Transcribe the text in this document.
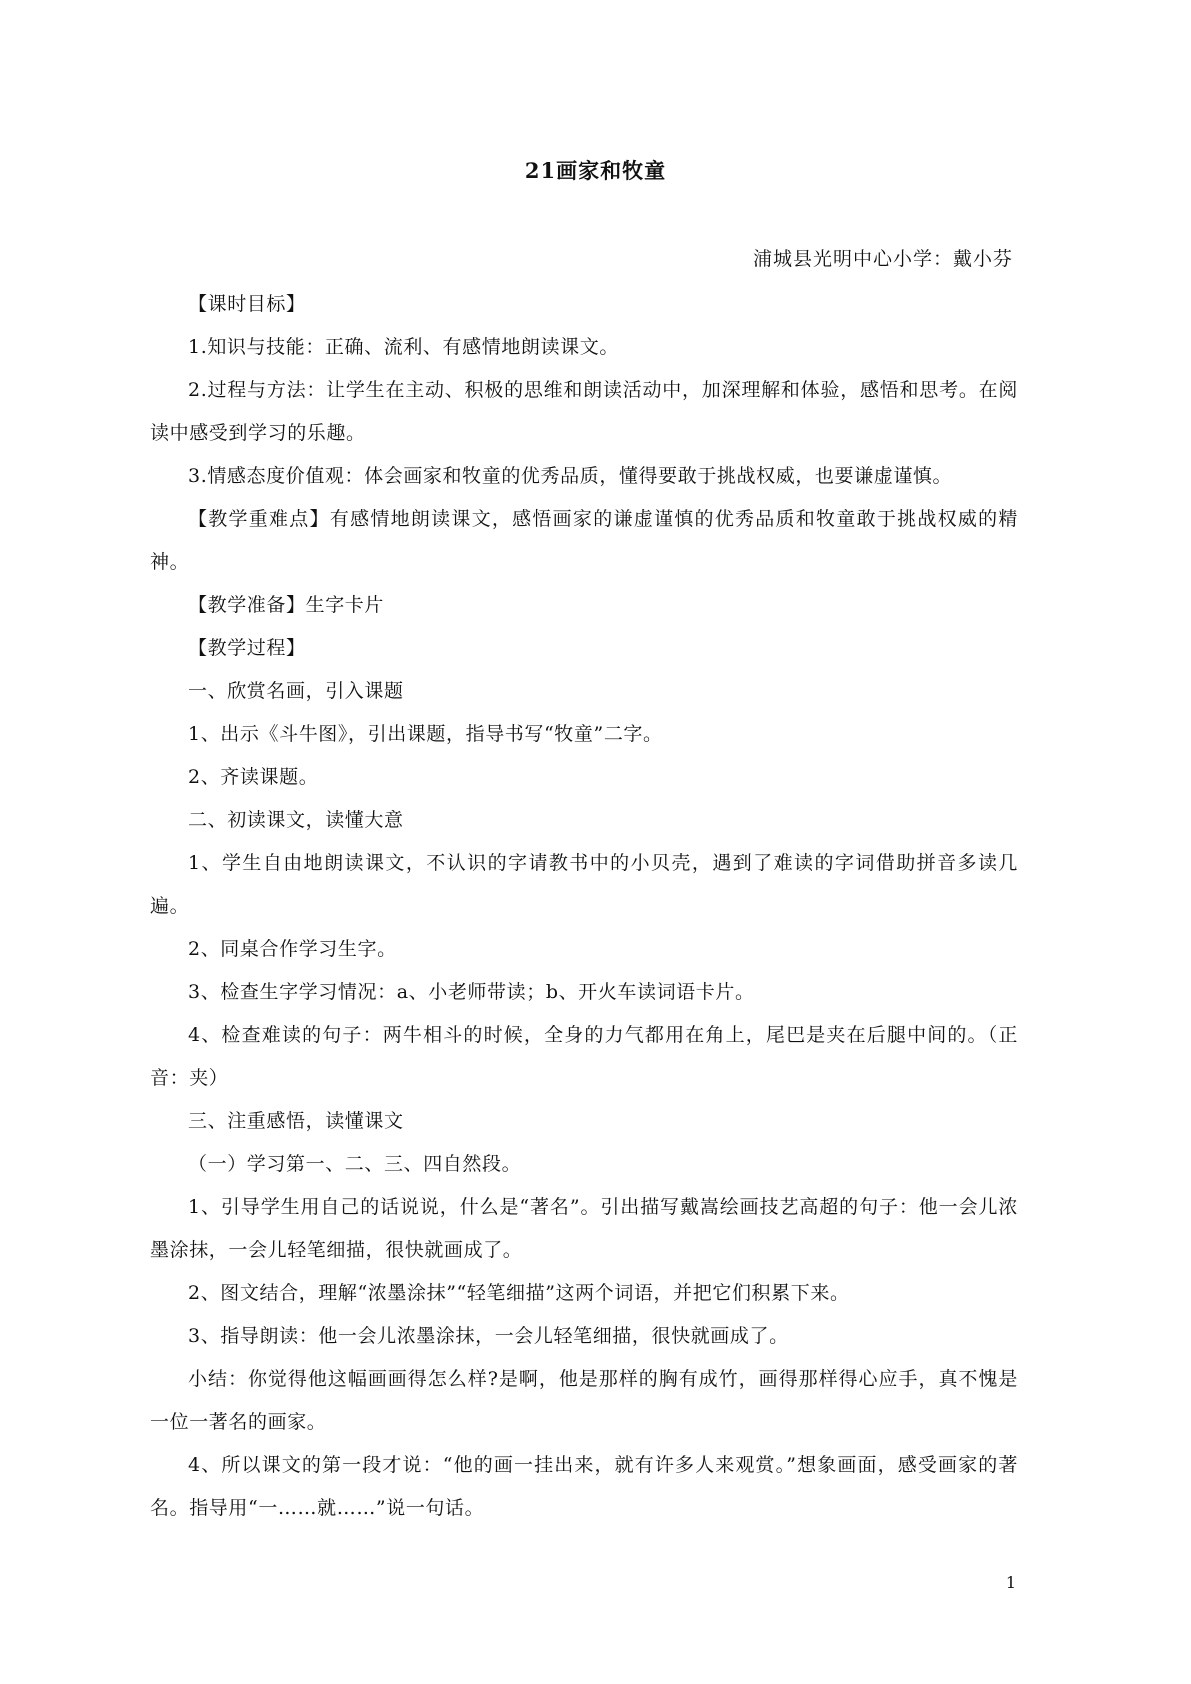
21画家和牧童
浦城县光明中心小学：戴小芬

【课时目标】

1.知识与技能：正确、流利、有感情地朗读课文。

2.过程与方法：让学生在主动、积极的思维和朗读活动中，加深理解和体验，感悟和思考。在阅读中感受到学习的乐趣。

3.情感态度价值观：体会画家和牧童的优秀品质，懂得要敢于挑战权威，也要谦虚谨慎。

【教学重难点】有感情地朗读课文，感悟画家的谦虚谨慎的优秀品质和牧童敢于挑战权威的精神。

【教学准备】生字卡片

【教学过程】

一、欣赏名画，引入课题

1、出示《斗牛图》，引出课题，指导书写“牧童”二字。

2、齐读课题。

二、初读课文，读懂大意

1、学生自由地朗读课文，不认识的字请教书中的小贝壳，遇到了难读的字词借助拼音多读几遍。

2、同桌合作学习生字。

3、检查生字学习情况：a、小老师带读；b、开火车读词语卡片。

4、检查难读的句子：两牛相斗的时候，全身的力气都用在角上，尾巴是夹在后腿中间的。（正音：夹）

三、注重感悟，读懂课文

（一）学习第一、二、三、四自然段。

1、引导学生用自己的话说说，什么是“著名”。引出描写戴嵩绘画技艺高超的句子：他一会儿浓墨涂抹，一会儿轻笔细描，很快就画成了。

2、图文结合，理解“浓墨涂抹”“轻笔细描”这两个词语，并把它们积累下来。

3、指导朗读：他一会儿浓墨涂抹，一会儿轻笔细描，很快就画成了。

小结：你觉得他这幅画画得怎么样?是啊，他是那样的胸有成竹，画得那样得心应手，真不愧是一位一著名的画家。

4、所以课文的第一段才说：“他的画一挂出来，就有许多人来观赏。”想象画面，感受画家的著名。指导用“一……就……”说一句话。

1
